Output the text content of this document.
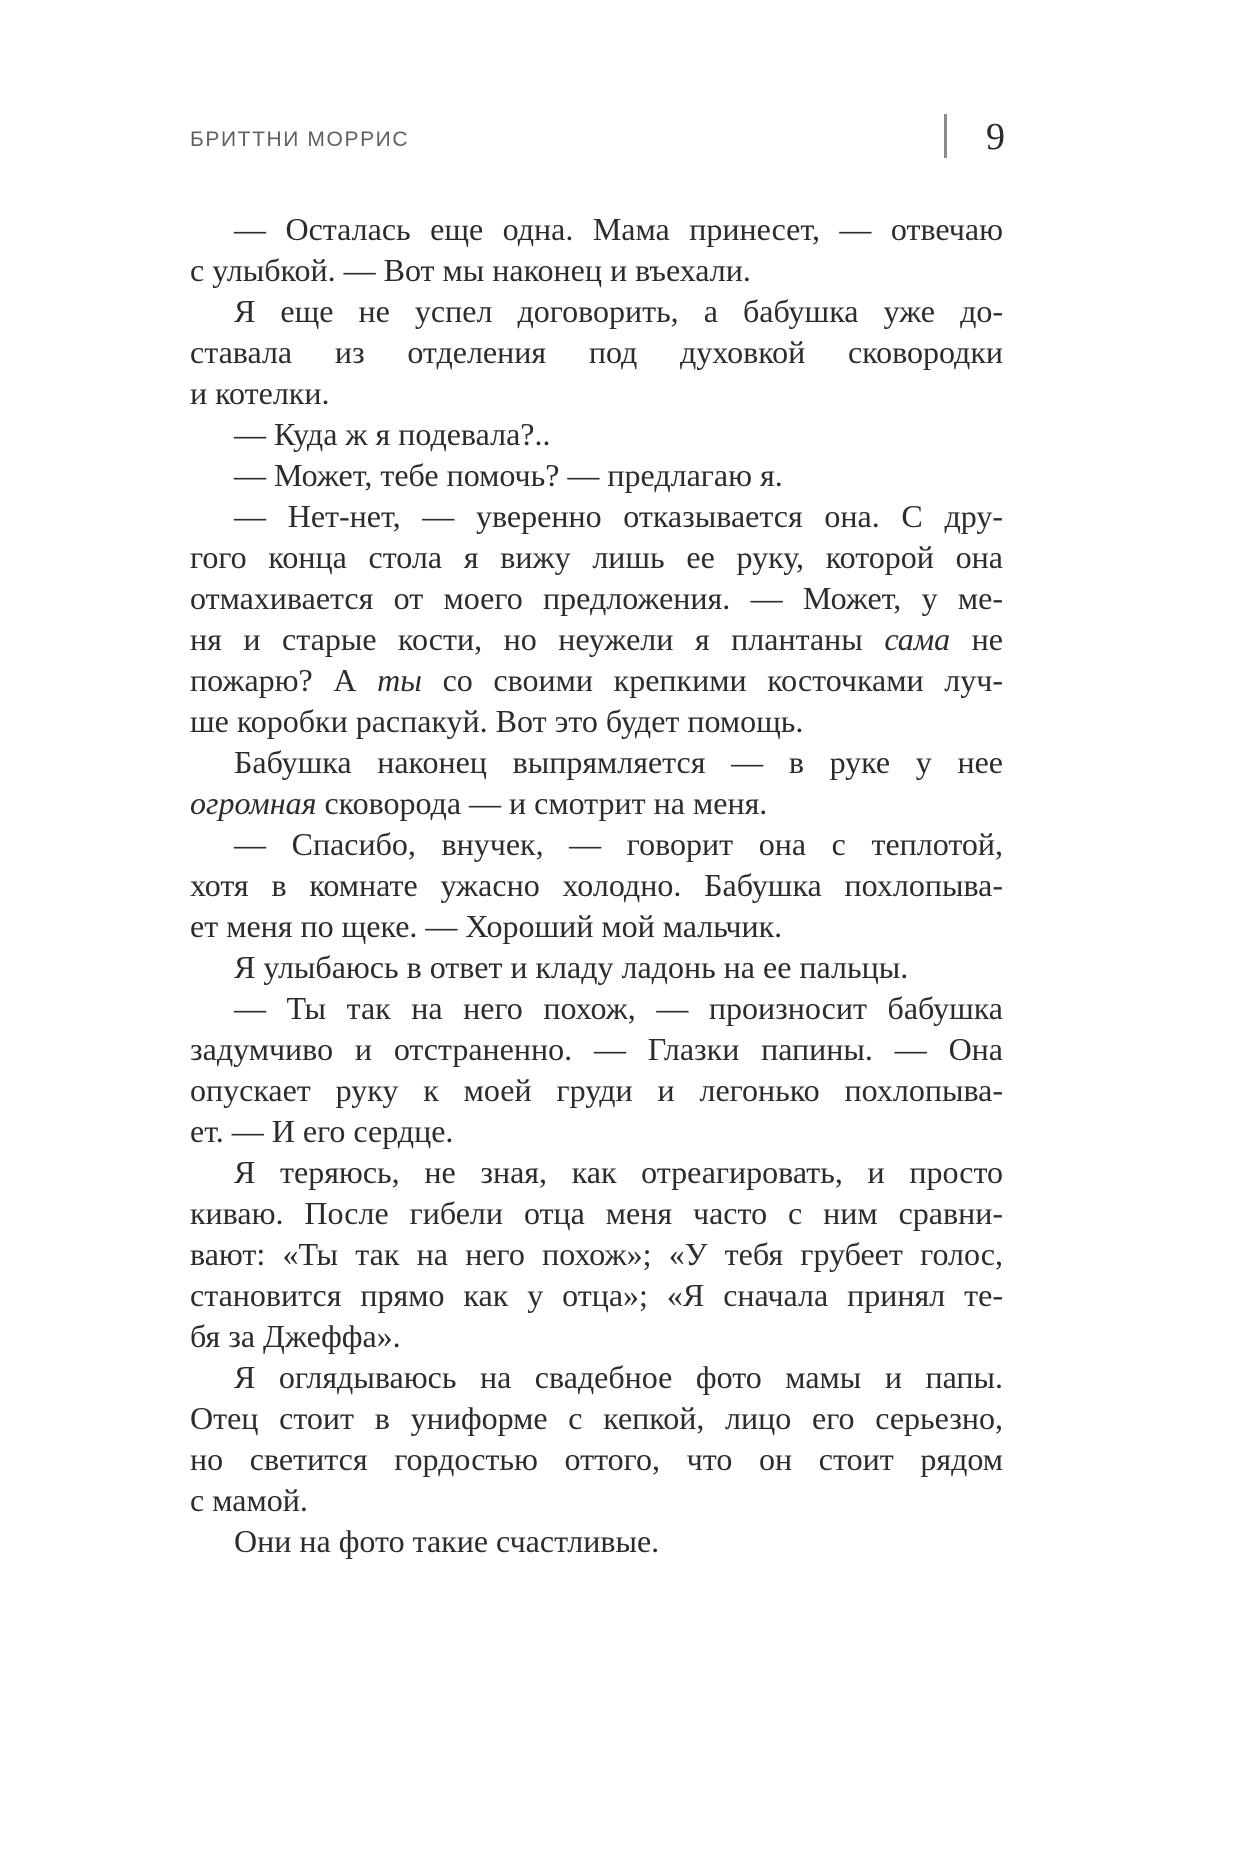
БРИТТНИ МОРРИС	9
— Осталась еще одна. Мама принесет, — отвечаю
с улыбкой. — Вот мы наконец и въехали.
Я еще не успел договорить, а бабушка уже до-
ставала из отделения под духовкой сковородки
и котелки.
— Куда ж я подевала?..
— Может, тебе помочь? — предлагаю я.
— Нет-нет, — уверенно отказывается она. С дру-
гого конца стола я вижу лишь ее руку, которой она
отмахивается от моего предложения. — Может, у ме-
ня и старые кости, но неужели я плантаны сама не
пожарю? А ты со своими крепкими косточками луч-
ше коробки распакуй. Вот это будет помощь.
Бабушка наконец выпрямляется — в руке у нее
огромная сковорода — и смотрит на меня.
— Спасибо, внучек, — говорит она с теплотой,
хотя в комнате ужасно холодно. Бабушка похлопыва-
ет меня по щеке. — Хороший мой мальчик.
Я улыбаюсь в ответ и кладу ладонь на ее пальцы.
— Ты так на него похож, — произносит бабушка
задумчиво и отстраненно. — Глазки папины. — Она
опускает руку к моей груди и легонько похлопыва-
ет. — И его сердце.
Я теряюсь, не зная, как отреагировать, и просто
киваю. После гибели отца меня часто с ним сравни-
вают: «Ты так на него похож»; «У тебя грубеет голос,
становится прямо как у отца»; «Я сначала принял те-
бя за Джеффа».
Я оглядываюсь на свадебное фото мамы и папы.
Отец стоит в униформе с кепкой, лицо его серьезно,
но светится гордостью оттого, что он стоит рядом
с мамой.
Они на фото такие счастливые.
